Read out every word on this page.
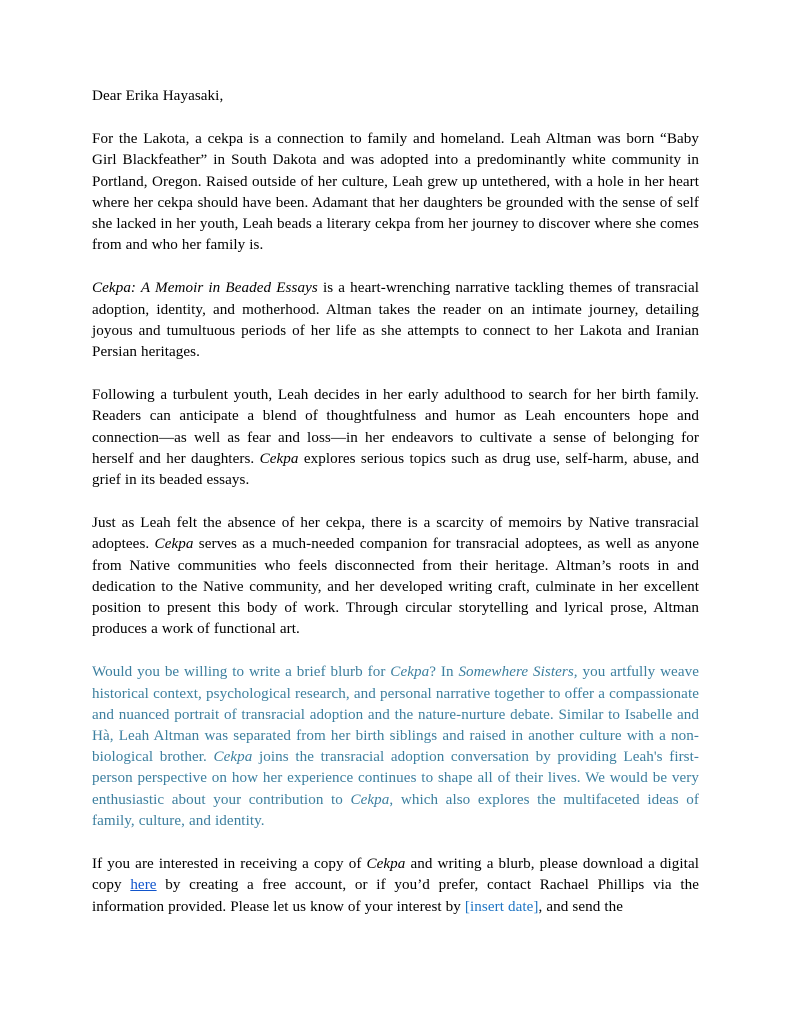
Dear Erika Hayasaki,

For the Lakota, a cekpa is a connection to family and homeland. Leah Altman was born “Baby Girl Blackfeather” in South Dakota and was adopted into a predominantly white community in Portland, Oregon. Raised outside of her culture, Leah grew up untethered, with a hole in her heart where her cekpa should have been. Adamant that her daughters be grounded with the sense of self she lacked in her youth, Leah beads a literary cekpa from her journey to discover where she comes from and who her family is.

Cekpa: A Memoir in Beaded Essays is a heart-wrenching narrative tackling themes of transracial adoption, identity, and motherhood. Altman takes the reader on an intimate journey, detailing joyous and tumultuous periods of her life as she attempts to connect to her Lakota and Iranian Persian heritages.

Following a turbulent youth, Leah decides in her early adulthood to search for her birth family. Readers can anticipate a blend of thoughtfulness and humor as Leah encounters hope and connection—as well as fear and loss—in her endeavors to cultivate a sense of belonging for herself and her daughters. Cekpa explores serious topics such as drug use, self-harm, abuse, and grief in its beaded essays.

Just as Leah felt the absence of her cekpa, there is a scarcity of memoirs by Native transracial adoptees. Cekpa serves as a much-needed companion for transracial adoptees, as well as anyone from Native communities who feels disconnected from their heritage. Altman’s roots in and dedication to the Native community, and her developed writing craft, culminate in her excellent position to present this body of work. Through circular storytelling and lyrical prose, Altman produces a work of functional art.

Would you be willing to write a brief blurb for Cekpa? In Somewhere Sisters, you artfully weave historical context, psychological research, and personal narrative together to offer a compassionate and nuanced portrait of transracial adoption and the nature-nurture debate. Similar to Isabelle and Hà, Leah Altman was separated from her birth siblings and raised in another culture with a non-biological brother. Cekpa joins the transracial adoption conversation by providing Leah's first-person perspective on how her experience continues to shape all of their lives. We would be very enthusiastic about your contribution to Cekpa, which also explores the multifaceted ideas of family, culture, and identity.

If you are interested in receiving a copy of Cekpa and writing a blurb, please download a digital copy here by creating a free account, or if you’d prefer, contact Rachael Phillips via the information provided. Please let us know of your interest by [insert date], and send the
